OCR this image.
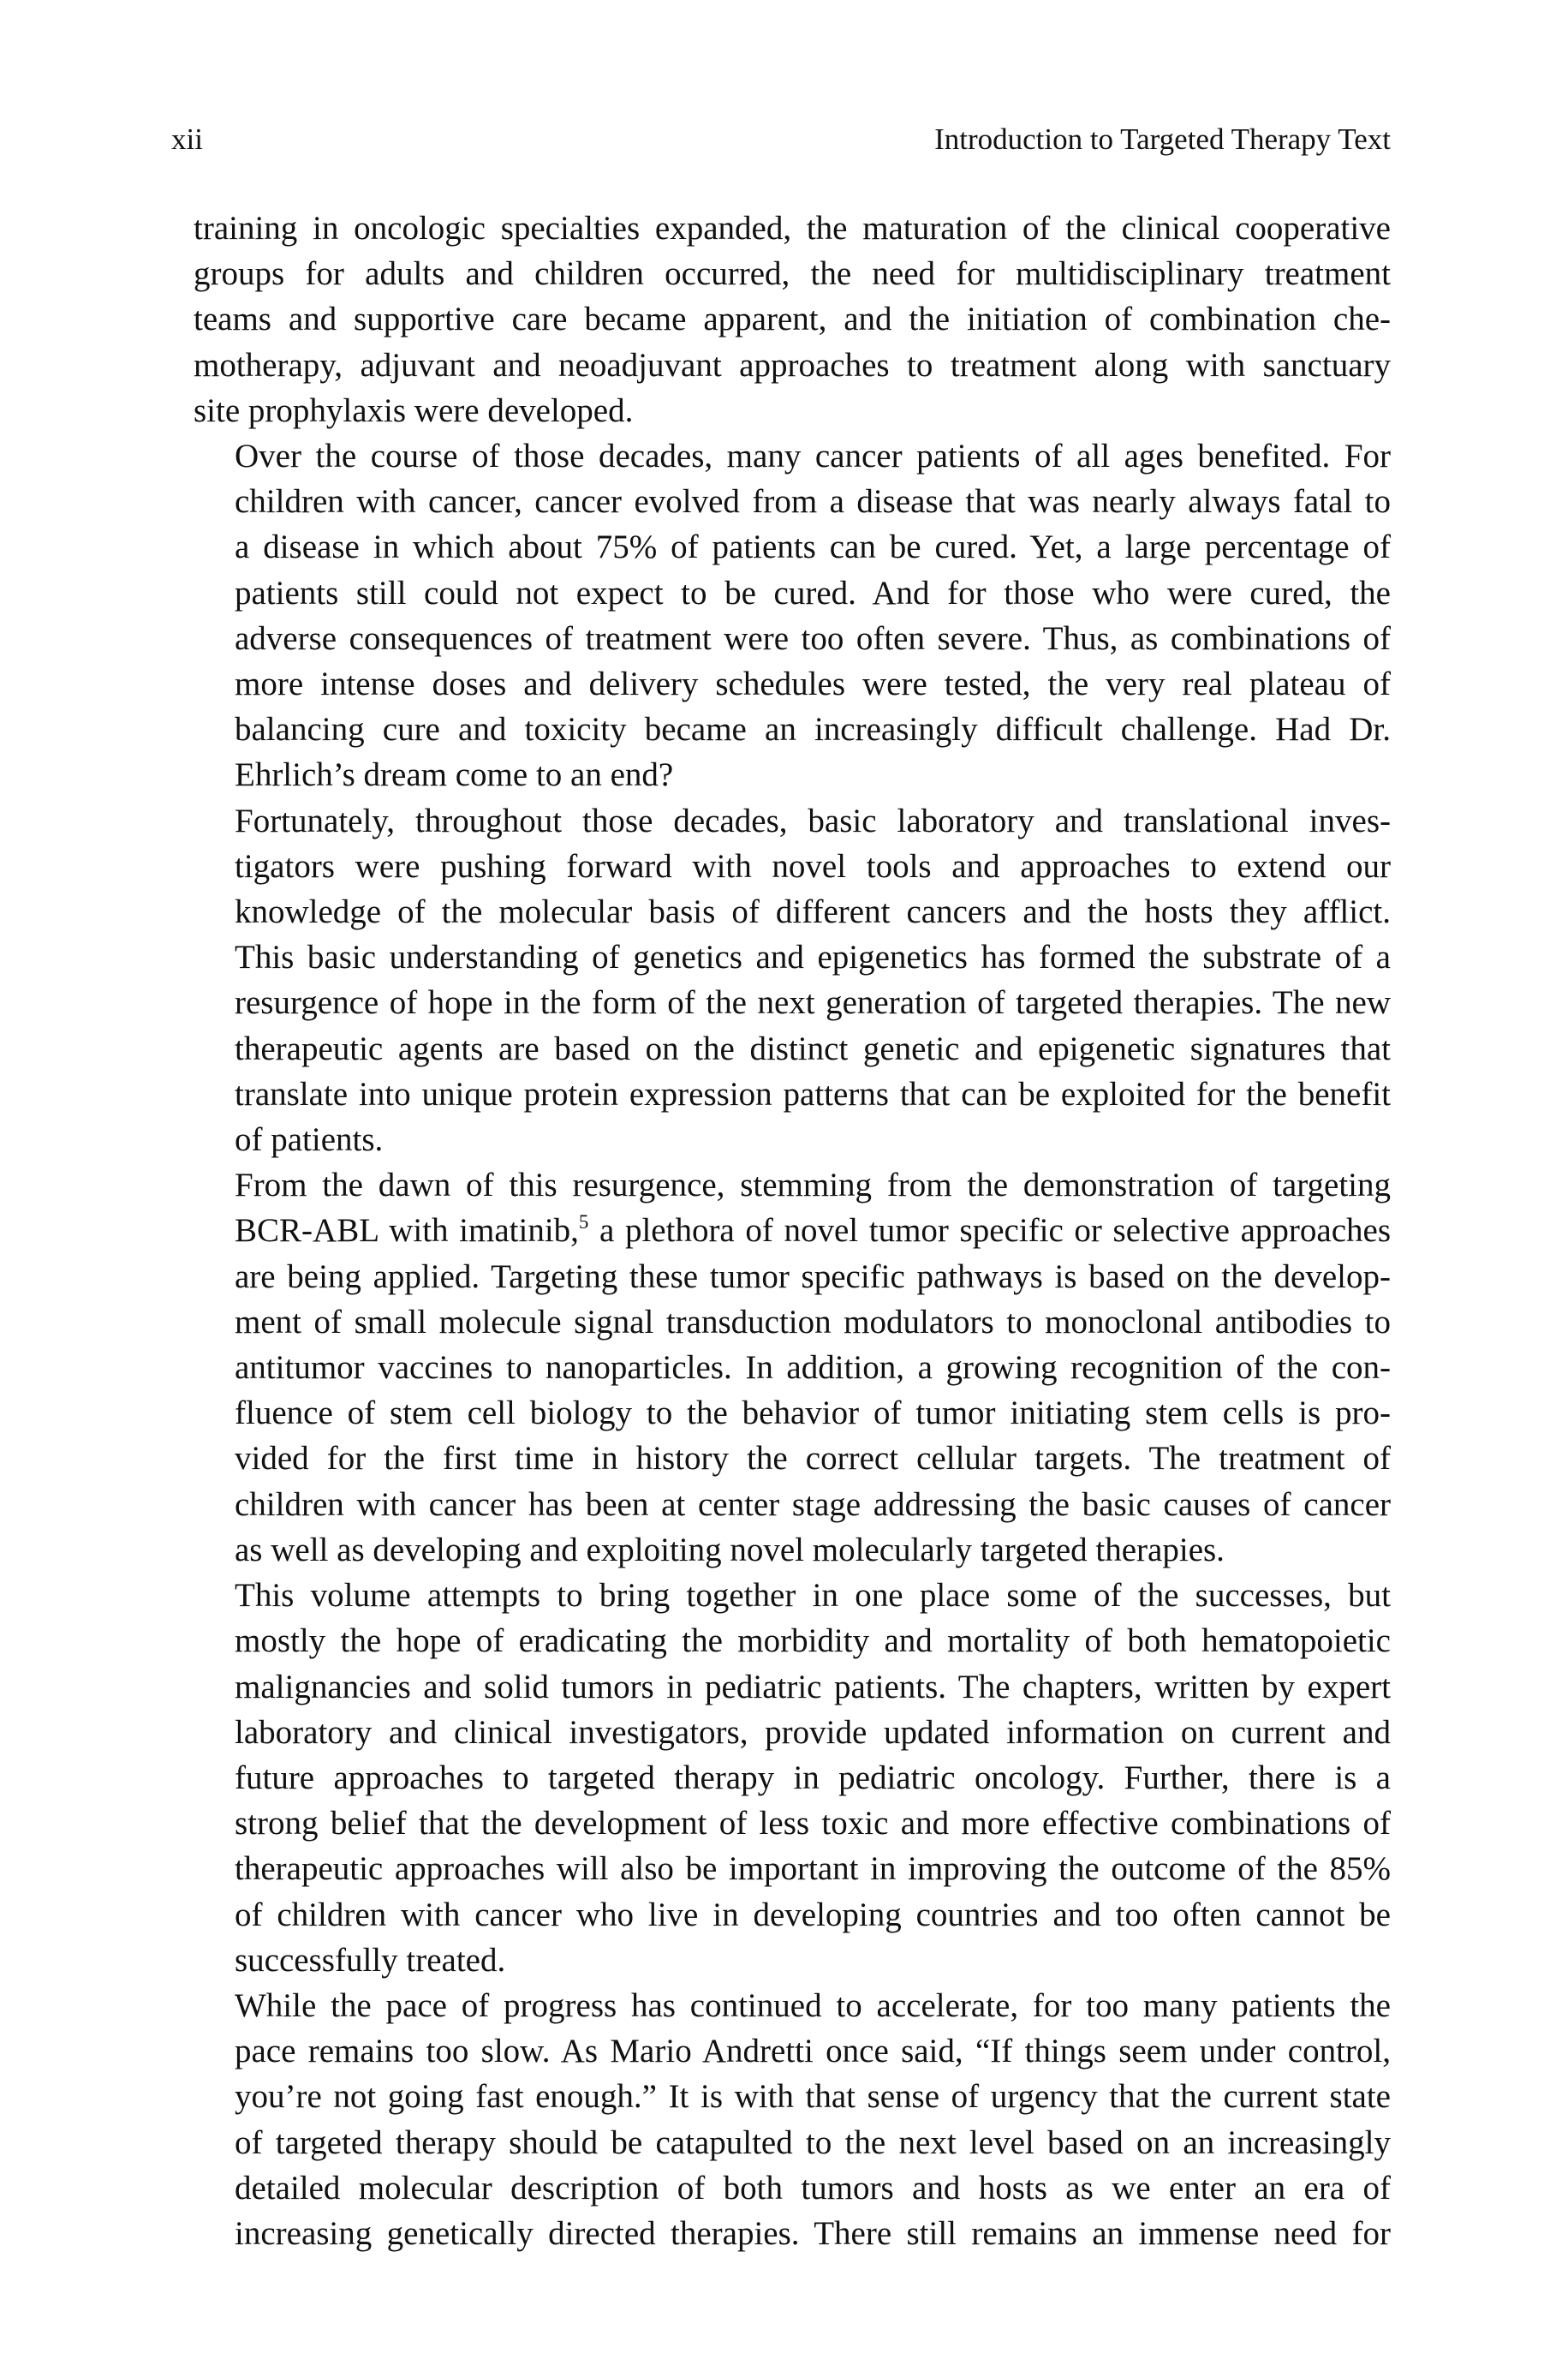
xii	Introduction to Targeted Therapy Text

training in oncologic specialties expanded, the maturation of the clinical cooperative
groups for adults and children occurred, the need for multidisciplinary treatment
teams and supportive care became apparent, and the initiation of combination che-
motherapy, adjuvant and neoadjuvant approaches to treatment along with sanctuary
site prophylaxis were developed.

Over the course of those decades, many cancer patients of all ages benefited. For
children with cancer, cancer evolved from a disease that was nearly always fatal to
a disease in which about 75% of patients can be cured. Yet, a large percentage of
patients still could not expect to be cured. And for those who were cured, the
adverse consequences of treatment were too often severe. Thus, as combinations of
more intense doses and delivery schedules were tested, the very real plateau of
balancing cure and toxicity became an increasingly difficult challenge. Had Dr.
Ehrlich’s dream come to an end?

Fortunately, throughout those decades, basic laboratory and translational inves-
tigators were pushing forward with novel tools and approaches to extend our
knowledge of the molecular basis of different cancers and the hosts they afflict.
This basic understanding of genetics and epigenetics has formed the substrate of a
resurgence of hope in the form of the next generation of targeted therapies. The new
therapeutic agents are based on the distinct genetic and epigenetic signatures that
translate into unique protein expression patterns that can be exploited for the benefit
of patients.

From the dawn of this resurgence, stemming from the demonstration of targeting
BCR-ABL with imatinib,$^5$ a plethora of novel tumor specific or selective approaches
are being applied. Targeting these tumor specific pathways is based on the develop-
ment of small molecule signal transduction modulators to monoclonal antibodies to
antitumor vaccines to nanoparticles. In addition, a growing recognition of the con-
fluence of stem cell biology to the behavior of tumor initiating stem cells is pro-
vided for the first time in history the correct cellular targets. The treatment of
children with cancer has been at center stage addressing the basic causes of cancer
as well as developing and exploiting novel molecularly targeted therapies.

This volume attempts to bring together in one place some of the successes, but
mostly the hope of eradicating the morbidity and mortality of both hematopoietic
malignancies and solid tumors in pediatric patients. The chapters, written by expert
laboratory and clinical investigators, provide updated information on current and
future approaches to targeted therapy in pediatric oncology. Further, there is a
strong belief that the development of less toxic and more effective combinations of
therapeutic approaches will also be important in improving the outcome of the 85%
of children with cancer who live in developing countries and too often cannot be
successfully treated.

While the pace of progress has continued to accelerate, for too many patients the
pace remains too slow. As Mario Andretti once said, “If things seem under control,
you’re not going fast enough.” It is with that sense of urgency that the current state
of targeted therapy should be catapulted to the next level based on an increasingly
detailed molecular description of both tumors and hosts as we enter an era of
increasing genetically directed therapies. There still remains an immense need for
